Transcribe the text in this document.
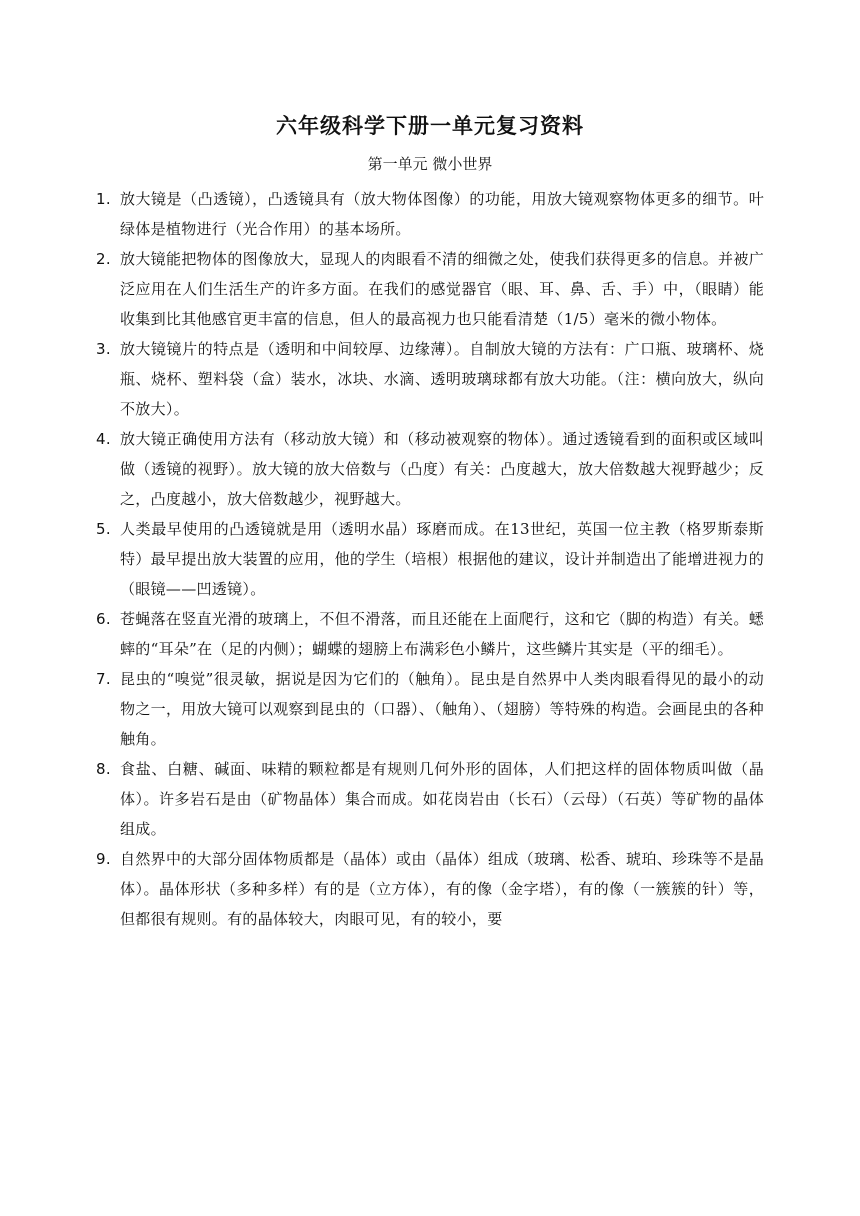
六年级科学下册一单元复习资料
第一单元 微小世界
1. 放大镜是（凸透镜），凸透镜具有（放大物体图像）的功能，用放大镜观察物体更多的细节。叶绿体是植物进行（光合作用）的基本场所。
2. 放大镜能把物体的图像放大，显现人的肉眼看不清的细微之处，使我们获得更多的信息。并被广泛应用在人们生活生产的许多方面。在我们的感觉器官（眼、耳、鼻、舌、手）中，（眼睛）能收集到比其他感官更丰富的信息，但人的最高视力也只能看清楚（1/5）毫米的微小物体。
3. 放大镜镜片的特点是（透明和中间较厚、边缘薄）。自制放大镜的方法有：广口瓶、玻璃杯、烧瓶、烧杯、塑料袋（盒）装水，冰块、水滴、透明玻璃球都有放大功能。（注：横向放大，纵向不放大）。
4. 放大镜正确使用方法有（移动放大镜）和（移动被观察的物体）。通过透镜看到的面积或区域叫做（透镜的视野）。放大镜的放大倍数与（凸度）有关：凸度越大，放大倍数越大视野越少；反之，凸度越小，放大倍数越少，视野越大。
5. 人类最早使用的凸透镜就是用（透明水晶）琢磨而成。在13世纪，英国一位主教（格罗斯泰斯特）最早提出放大装置的应用，他的学生（培根）根据他的建议，设计并制造出了能增进视力的（眼镜——凹透镜）。
6. 苍蝇落在竖直光滑的玻璃上，不但不滑落，而且还能在上面爬行，这和它（脚的构造）有关。蟋蟀的“耳朵”在（足的内侧）；蝴蝶的翅膀上布满彩色小鳞片，这些鳞片其实是（平的细毛）。
7. 昆虫的“嗅觉”很灵敏，据说是因为它们的（触角）。昆虫是自然界中人类肉眼看得见的最小的动物之一，用放大镜可以观察到昆虫的（口器）、（触角）、（翅膀）等特殊的构造。会画昆虫的各种触角。
8. 食盐、白糖、碱面、味精的颗粒都是有规则几何外形的固体，人们把这样的固体物质叫做（晶体）。许多岩石是由（矿物晶体）集合而成。如花岗岩由（长石）（云母）（石英）等矿物的晶体组成。
9. 自然界中的大部分固体物质都是（晶体）或由（晶体）组成（玻璃、松香、琥珀、珍珠等不是晶体）。晶体形状（多种多样）有的是（立方体），有的像（金字塔），有的像（一簇簇的针）等，但都很有规则。有的晶体较大，肉眼可见，有的较小，要
